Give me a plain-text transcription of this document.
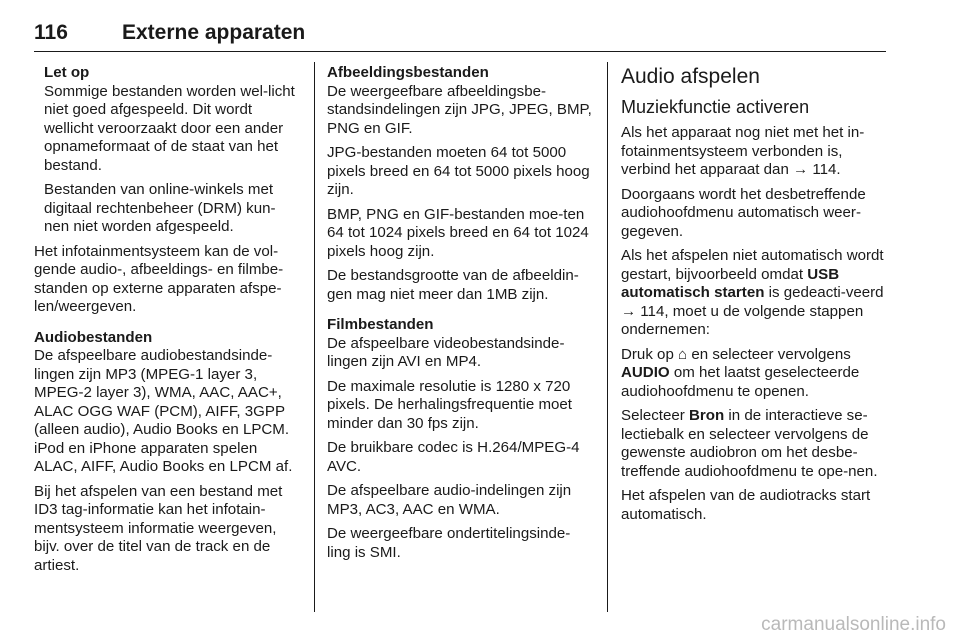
116	Externe apparaten

Let op

Sommige bestanden worden wel-licht niet goed afgespeeld. Dit wordt wellicht veroorzaakt door een ander opnameformaat of de staat van het bestand.

Bestanden van online-winkels met digitaal rechtenbeheer (DRM) kun-nen niet worden afgespeeld.

Het infotainmentsysteem kan de vol-gende audio-, afbeeldings- en filmbe-standen op externe apparaten afspe-len/weergeven.

Audiobestanden

De afspeelbare audiobestandsinde-lingen zijn MP3 (MPEG-1 layer 3, MPEG-2 layer 3), WMA, AAC, AAC+, ALAC OGG WAF (PCM), AIFF, 3GPP (alleen audio), Audio Books en LPCM. iPod en iPhone apparaten spelen ALAC, AIFF, Audio Books en LPCM af.

Bij het afspelen van een bestand met ID3 tag-informatie kan het infotain-mentsysteem informatie weergeven, bijv. over de titel van de track en de artiest.

Afbeeldingsbestanden

De weergeefbare afbeeldingsbe-standsindelingen zijn JPG, JPEG, BMP, PNG en GIF.

JPG-bestanden moeten 64 tot 5000 pixels breed en 64 tot 5000 pixels hoog zijn.

BMP, PNG en GIF-bestanden moe-ten 64 tot 1024 pixels breed en 64 tot 1024 pixels hoog zijn.

De bestandsgrootte van de afbeeldin-gen mag niet meer dan 1MB zijn.

Filmbestanden

De afspeelbare videobestandsinde-lingen zijn AVI en MP4.

De maximale resolutie is 1280 x 720 pixels. De herhalingsfrequentie moet minder dan 30 fps zijn.

De bruikbare codec is H.264/MPEG-4 AVC.

De afspeelbare audio-indelingen zijn MP3, AC3, AAC en WMA.

De weergeefbare ondertitelingsinde-ling is SMI.

Audio afspelen

Muziekfunctie activeren

Als het apparaat nog niet met het in-fotainmentsysteem verbonden is, verbind het apparaat dan → 114.

Doorgaans wordt het desbetreffende audiohoofdmenu automatisch weer-gegeven.

Als het afspelen niet automatisch wordt gestart, bijvoorbeeld omdat USB automatisch starten is gedeacti-veerd → 114, moet u de volgende stappen ondernemen:

Druk op ⌂ en selecteer vervolgens AUDIO om het laatst geselecteerde audiohoofdmenu te openen.

Selecteer Bron in de interactieve se-lectiebalk en selecteer vervolgens de gewenste audiobron om het desbe-treffende audiohoofdmenu te ope-nen.

Het afspelen van de audiotracks start automatisch.

carmanualsonline.info
